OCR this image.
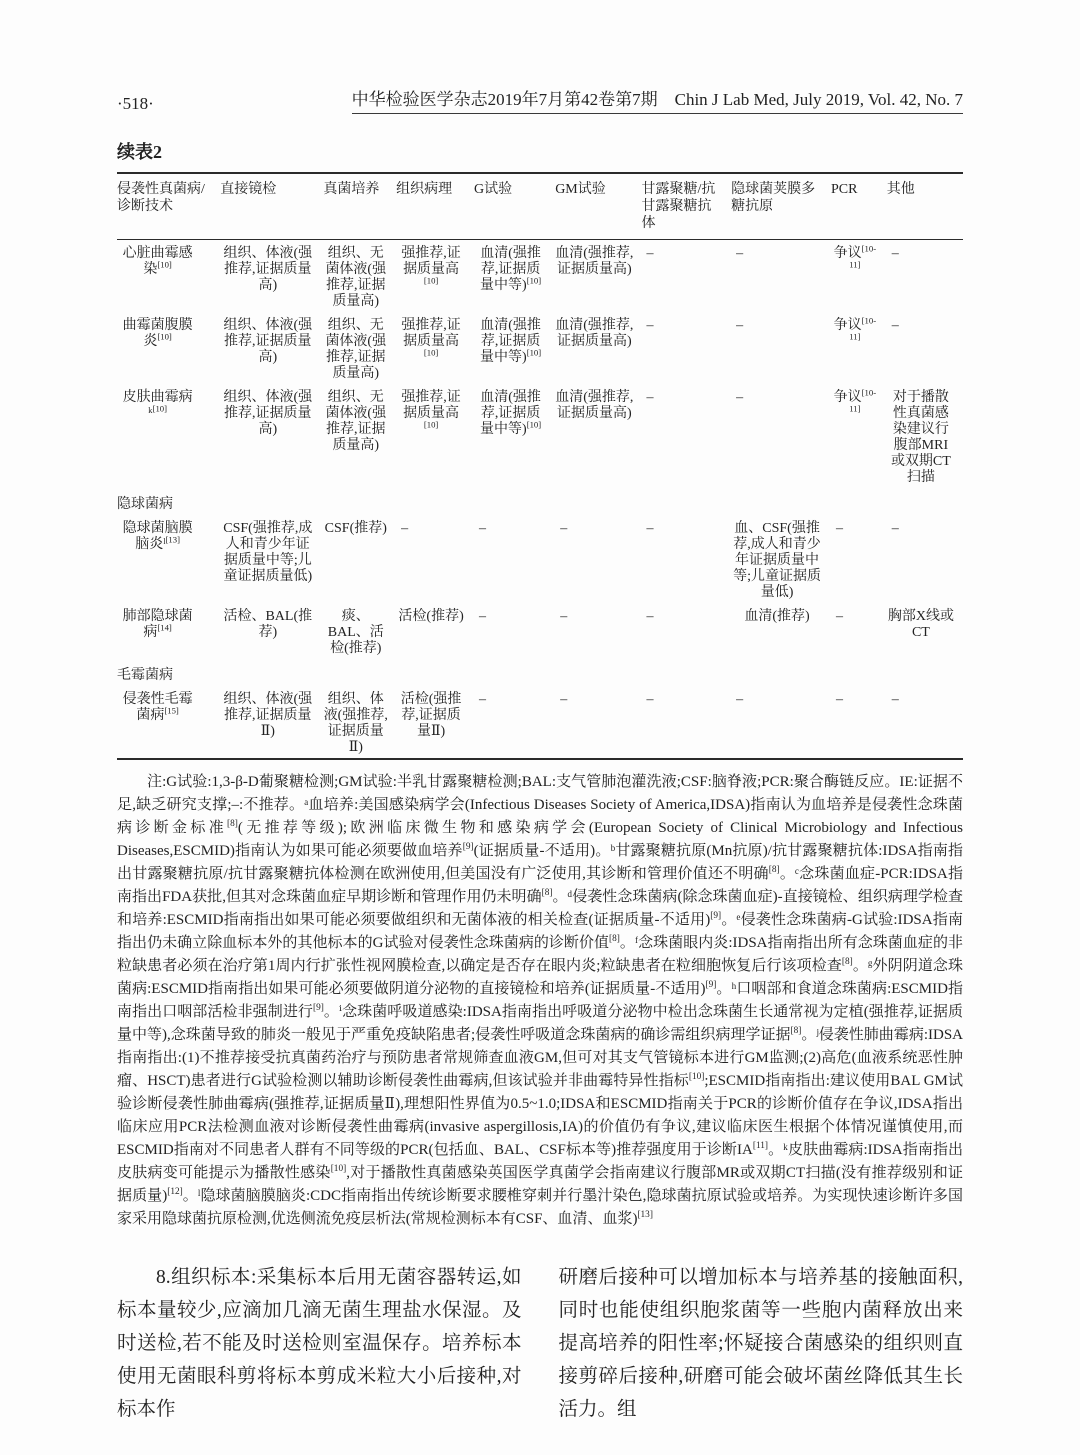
·518·	中华检验医学杂志2019年7月第42卷第7期　Chin J Lab Med, July 2019, Vol. 42, No. 7
续表2
侵袭性真菌病/诊断技术	直接镜检	真菌培养	组织病理	G试验	GM试验	甘露聚糖/抗甘露聚糖抗体	隐球菌荚膜多糖抗原	PCR	其他
心脏曲霉感染[10]	组织、体液(强推荐,证据质量高)	组织、无菌体液(强推荐,证据质量高)	强推荐,证据质量高[10]	血清(强推荐,证据质量中等)[10]	血清(强推荐,证据质量高)	–	–	争议[10-11]	–
曲霉菌腹膜炎[10]	组织、体液(强推荐,证据质量高)	组织、无菌体液(强推荐,证据质量高)	强推荐,证据质量高[10]	血清(强推荐,证据质量中等)[10]	血清(强推荐,证据质量高)	–	–	争议[10-11]	–
皮肤曲霉病ᵏ[10]	组织、体液(强推荐,证据质量高)	组织、无菌体液(强推荐,证据质量高)	强推荐,证据质量高[10]	血清(强推荐,证据质量中等)[10]	血清(强推荐,证据质量高)	–	–	争议[10-11]	对于播散性真菌感染建议行腹部MRI或双期CT扫描
隐球菌病									
隐球菌脑膜脑炎ˡ[13]	CSF(强推荐,成人和青少年证据质量中等;儿童证据质量低)	CSF(推荐)	–	–	–	–	血、CSF(强推荐,成人和青少年证据质量中等;儿童证据质量低)	–	–
肺部隐球菌病[14]	活检、BAL(推荐)	痰、BAL、活检(推荐)	活检(推荐)	–	–	–	血清(推荐)	–	胸部X线或CT
毛霉菌病									
侵袭性毛霉菌病[15]	组织、体液(强推荐,证据质量Ⅱ)	组织、体液(强推荐,证据质量Ⅱ)	活检(强推荐,证据质量Ⅱ)	–	–	–	–	–	–

注:G试验:1,3-β-D葡聚糖检测;GM试验:半乳甘露聚糖检测;BAL:支气管肺泡灌洗液;CSF:脑脊液;PCR:聚合酶链反应。IE:证据不足,缺乏研究支撑;–:不推荐。ᵃ血培养:美国感染病学会(Infectious Diseases Society of America,IDSA)指南认为血培养是侵袭性念珠菌病诊断金标准[8](无推荐等级);欧洲临床微生物和感染病学会(European Society of Clinical Microbiology and Infectious Diseases,ESCMID)指南认为如果可能必须要做血培养[9](证据质量-不适用)。ᵇ甘露聚糖抗原(Mn抗原)/抗甘露聚糖抗体:IDSA指南指出甘露聚糖抗原/抗甘露聚糖抗体检测在欧洲使用,但美国没有广泛使用,其诊断和管理价值还不明确[8]。ᶜ念珠菌血症-PCR:IDSA指南指出FDA获批,但其对念珠菌血症早期诊断和管理作用仍未明确[8]。ᵈ侵袭性念珠菌病(除念珠菌血症)-直接镜检、组织病理学检查和培养:ESCMID指南指出如果可能必须要做组织和无菌体液的相关检查(证据质量-不适用)[9]。ᵉ侵袭性念珠菌病-G试验:IDSA指南指出仍未确立除血标本外的其他标本的G试验对侵袭性念珠菌病的诊断价值[8]。ᶠ念珠菌眼内炎:IDSA指南指出所有念珠菌血症的非粒缺患者必须在治疗第1周内行扩张性视网膜检查,以确定是否存在眼内炎;粒缺患者在粒细胞恢复后行该项检查[8]。ᵍ外阴阴道念珠菌病:ESCMID指南指出如果可能必须要做阴道分泌物的直接镜检和培养(证据质量-不适用)[9]。ʰ口咽部和食道念珠菌病:ESCMID指南指出口咽部活检非强制进行[9]。ⁱ念珠菌呼吸道感染:IDSA指南指出呼吸道分泌物中检出念珠菌生长通常视为定植(强推荐,证据质量中等),念珠菌导致的肺炎一般见于严重免疫缺陷患者;侵袭性呼吸道念珠菌病的确诊需组织病理学证据[8]。ʲ侵袭性肺曲霉病:IDSA指南指出:(1)不推荐接受抗真菌药治疗与预防患者常规筛查血液GM,但可对其支气管镜标本进行GM监测;(2)高危(血液系统恶性肿瘤、HSCT)患者进行G试验检测以辅助诊断侵袭性曲霉病,但该试验并非曲霉特异性指标[10];ESCMID指南指出:建议使用BAL GM试验诊断侵袭性肺曲霉病(强推荐,证据质量Ⅱ),理想阳性界值为0.5~1.0;IDSA和ESCMID指南关于PCR的诊断价值存在争议,IDSA指出临床应用PCR法检测血液对诊断侵袭性曲霉病(invasive aspergillosis,IA)的价值仍有争议,建议临床医生根据个体情况谨慎使用,而ESCMID指南对不同患者人群有不同等级的PCR(包括血、BAL、CSF标本等)推荐强度用于诊断IA[11]。ᵏ皮肤曲霉病:IDSA指南指出皮肤病变可能提示为播散性感染[10],对于播散性真菌感染英国医学真菌学会指南建议行腹部MR或双期CT扫描(没有推荐级别和证据质量)[12]。ˡ隐球菌脑膜脑炎:CDC指南指出传统诊断要求腰椎穿刺并行墨汁染色,隐球菌抗原试验或培养。为实现快速诊断许多国家采用隐球菌抗原检测,优选侧流免疫层析法(常规检测标本有CSF、血清、血浆)[13]

8.组织标本:采集标本后用无菌容器转运,如标本量较少,应滴加几滴无菌生理盐水保湿。及时送检,若不能及时送检则室温保存。培养标本使用无菌眼科剪将标本剪成米粒大小后接种,对标本作

研磨后接种可以增加标本与培养基的接触面积,同时也能使组织胞浆菌等一些胞内菌释放出来提高培养的阳性率;怀疑接合菌感染的组织则直接剪碎后接种,研磨可能会破坏菌丝降低其生长活力。组
